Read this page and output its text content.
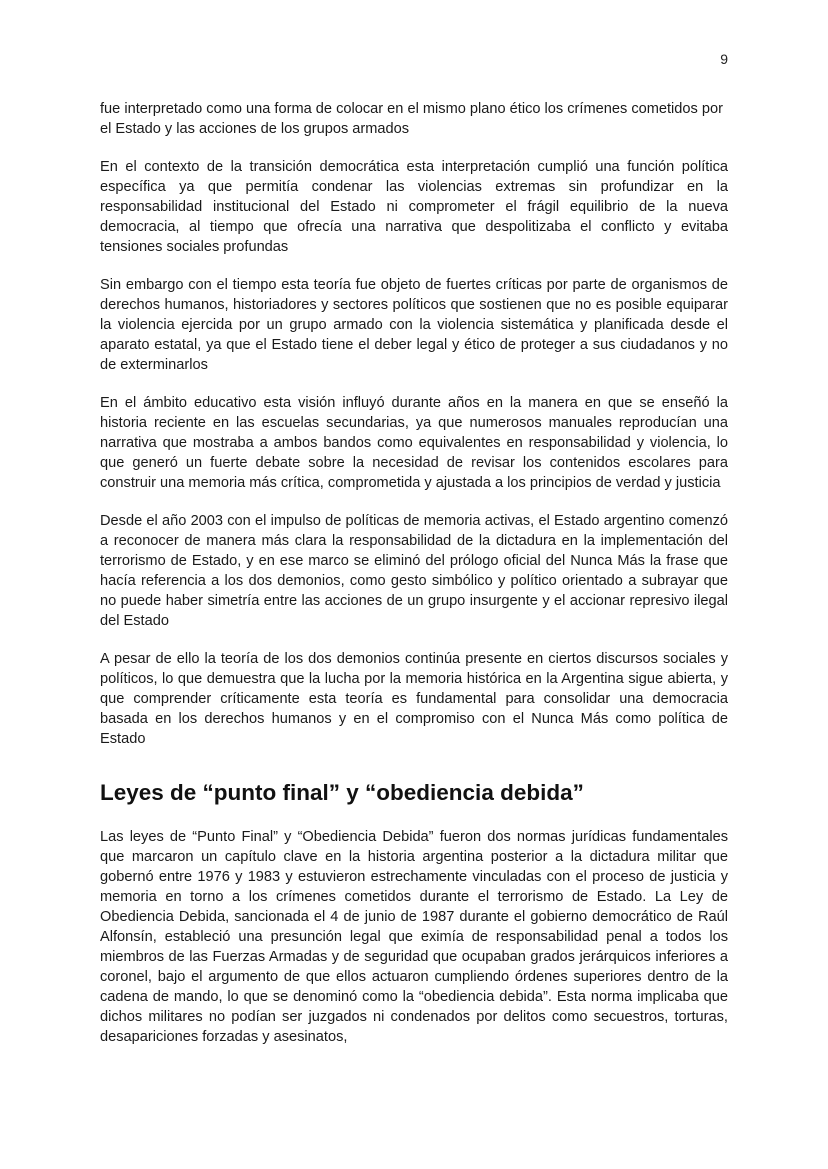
9

fue interpretado como una forma de colocar en el mismo plano ético los crímenes cometidos por el Estado y las acciones de los grupos armados

En el contexto de la transición democrática esta interpretación cumplió una función política específica ya que permitía condenar las violencias extremas sin profundizar en la responsabilidad institucional del Estado ni comprometer el frágil equilibrio de la nueva democracia, al tiempo que ofrecía una narrativa que despolitizaba el conflicto y evitaba tensiones sociales profundas

Sin embargo con el tiempo esta teoría fue objeto de fuertes críticas por parte de organismos de derechos humanos, historiadores y sectores políticos que sostienen que no es posible equiparar la violencia ejercida por un grupo armado con la violencia sistemática y planificada desde el aparato estatal, ya que el Estado tiene el deber legal y ético de proteger a sus ciudadanos y no de exterminarlos

En el ámbito educativo esta visión influyó durante años en la manera en que se enseñó la historia reciente en las escuelas secundarias, ya que numerosos manuales reproducían una narrativa que mostraba a ambos bandos como equivalentes en responsabilidad y violencia, lo que generó un fuerte debate sobre la necesidad de revisar los contenidos escolares para construir una memoria más crítica, comprometida y ajustada a los principios de verdad y justicia

Desde el año 2003 con el impulso de políticas de memoria activas, el Estado argentino comenzó a reconocer de manera más clara la responsabilidad de la dictadura en la implementación del terrorismo de Estado, y en ese marco se eliminó del prólogo oficial del Nunca Más la frase que hacía referencia a los dos demonios, como gesto simbólico y político orientado a subrayar que no puede haber simetría entre las acciones de un grupo insurgente y el accionar represivo ilegal del Estado

A pesar de ello la teoría de los dos demonios continúa presente en ciertos discursos sociales y políticos, lo que demuestra que la lucha por la memoria histórica en la Argentina sigue abierta, y que comprender críticamente esta teoría es fundamental para consolidar una democracia basada en los derechos humanos y en el compromiso con el Nunca Más como política de Estado

Leyes de “punto final” y “obediencia debida”

Las leyes de “Punto Final” y “Obediencia Debida” fueron dos normas jurídicas fundamentales que marcaron un capítulo clave en la historia argentina posterior a la dictadura militar que gobernó entre 1976 y 1983 y estuvieron estrechamente vinculadas con el proceso de justicia y memoria en torno a los crímenes cometidos durante el terrorismo de Estado. La Ley de Obediencia Debida, sancionada el 4 de junio de 1987 durante el gobierno democrático de Raúl Alfonsín, estableció una presunción legal que eximía de responsabilidad penal a todos los miembros de las Fuerzas Armadas y de seguridad que ocupaban grados jerárquicos inferiores a coronel, bajo el argumento de que ellos actuaron cumpliendo órdenes superiores dentro de la cadena de mando, lo que se denominó como la “obediencia debida”. Esta norma implicaba que dichos militares no podían ser juzgados ni condenados por delitos como secuestros, torturas, desapariciones forzadas y asesinatos,
